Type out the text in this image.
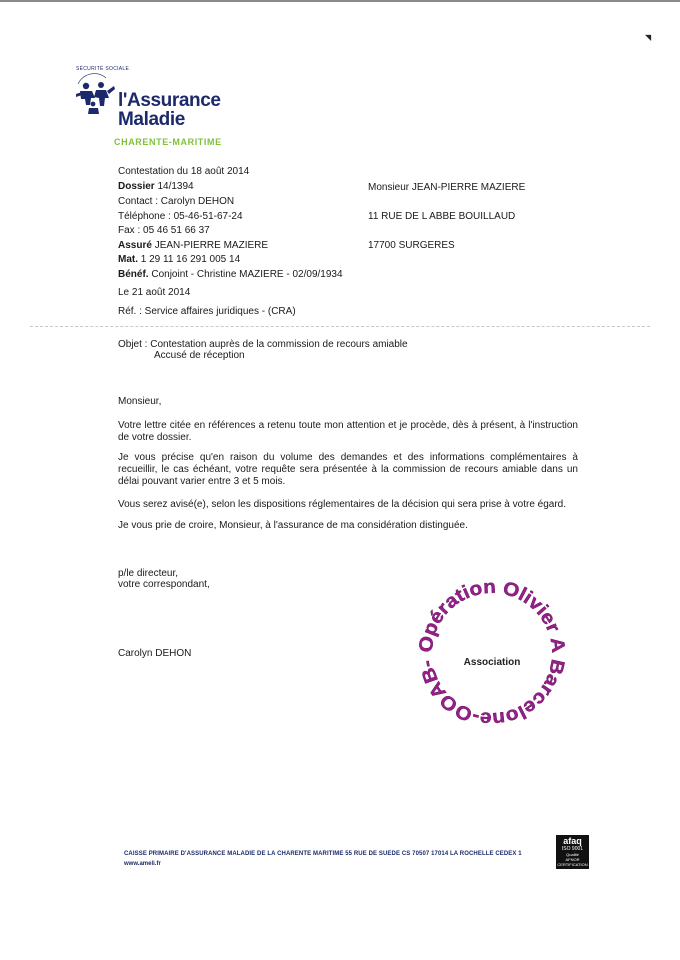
◥
SÉCURITÉ SOCIALE
l'Assurance
Maladie
CHARENTE-MARITIME
Contestation du 18 août 2014
Dossier 14/1394
Contact : Carolyn DEHON
Téléphone : 05-46-51-67-24
Fax : 05 46 51 66 37
Assuré JEAN-PIERRE MAZIERE
Mat. 1 29 11 16 291 005 14
Bénéf. Conjoint - Christine MAZIERE - 02/09/1934
Le 21 août 2014
Réf. : Service affaires juridiques - (CRA)
Monsieur JEAN-PIERRE MAZIERE
11 RUE DE L ABBE BOUILLAUD
17700 SURGERES
Objet : Contestation auprès de la commission de recours amiable
Accusé de réception
Monsieur,
Votre lettre citée en références a retenu toute mon attention et je procède, dès à présent, à l'instruction de votre dossier.
Je vous précise qu'en raison du volume des demandes et des informations complémentaires à recueillir, le cas échéant, votre requête sera présentée à la commission de recours amiable dans un délai pouvant varier entre 3 et 5 mois.
Vous serez avisé(e), selon les dispositions réglementaires de la décision qui sera prise à votre égard.
Je vous prie de croire, Monsieur, à l'assurance de ma considération distinguée.
p/le directeur,
votre correspondant,
Carolyn DEHON	Opération Olivier A Barcelone-OOAB-	Association
CAISSE PRIMAIRE D'ASSURANCE MALADIE DE LA CHARENTE MARITIME 55 RUE DE SUEDE CS 70507 17014 LA ROCHELLE CEDEX 1
www.ameli.fr
afaq
ISO 9001
Qualité
AFNOR CERTIFICATION
